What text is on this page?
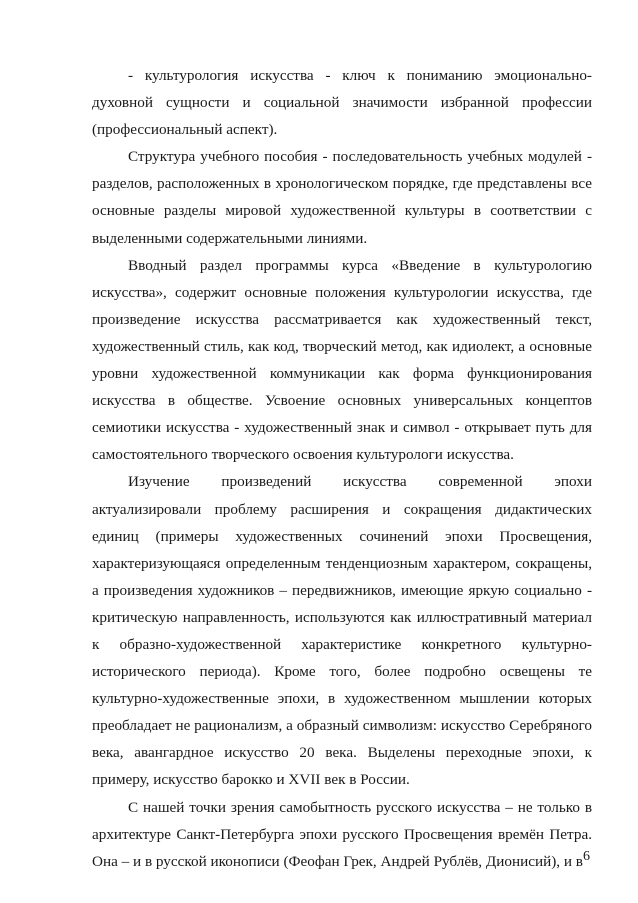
- культурология искусства - ключ к пониманию эмоционально-духовной сущности и социальной значимости избранной профессии (профессиональный аспект).

Структура учебного пособия - последовательность учебных модулей - разделов, расположенных в хронологическом порядке, где представлены все основные разделы мировой художественной культуры в соответствии с выделенными содержательными линиями.

Вводный раздел программы курса «Введение в культурологию искусства», содержит основные положения культурологии искусства, где произведение искусства рассматривается как художественный текст, художественный стиль, как код, творческий метод, как идиолект, а основные уровни художественной коммуникации как форма функционирования искусства в обществе. Усвоение основных универсальных концептов семиотики искусства - художественный знак и символ - открывает путь для самостоятельного творческого освоения культурологи искусства.

Изучение произведений искусства современной эпохи актуализировали проблему расширения и сокращения дидактических единиц (примеры художественных сочинений эпохи Просвещения, характеризующаяся определенным тенденциозным характером, сокращены, а произведения художников – передвижников, имеющие яркую социально - критическую направленность, используются как иллюстративный материал к образно-художественной характеристике конкретного культурно-исторического периода). Кроме того, более подробно освещены те культурно-художественные эпохи, в художественном мышлении которых преобладает не рационализм, а образный символизм: искусство Серебряного века, авангардное искусство 20 века. Выделены переходные эпохи, к примеру, искусство барокко и XVII век в России.

С нашей точки зрения самобытность русского искусства – не только в архитектуре Санкт-Петербурга эпохи русского Просвещения времён Петра. Она – и в русской иконописи (Феофан Грек, Андрей Рублёв, Дионисий), и в 6
